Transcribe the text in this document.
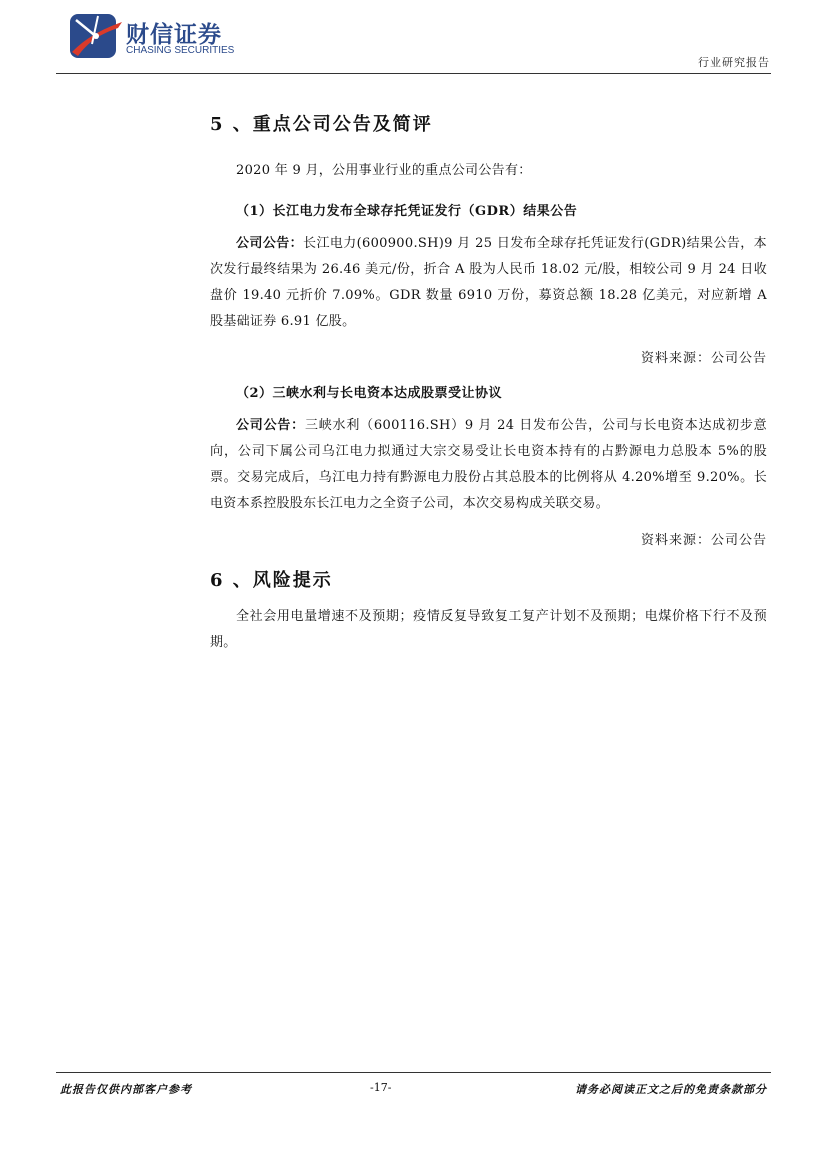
财信证券
CHASING SECURITIES
行业研究报告
5 、重点公司公告及简评

2020 年 9 月，公用事业行业的重点公司公告有：

（1）长江电力发布全球存托凭证发行（GDR）结果公告

公司公告：长江电力(600900.SH)9 月 25 日发布全球存托凭证发行(GDR)结果公告，本次发行最终结果为 26.46 美元/份，折合 A 股为人民币 18.02 元/股，相较公司 9 月 24 日收盘价 19.40 元折价 7.09%。GDR 数量 6910 万份，募资总额 18.28 亿美元，对应新增 A 股基础证券 6.91 亿股。

资料来源：公司公告

（2）三峡水利与长电资本达成股票受让协议

公司公告：三峡水利（600116.SH）9 月 24 日发布公告，公司与长电资本达成初步意向，公司下属公司乌江电力拟通过大宗交易受让长电资本持有的占黔源电力总股本 5%的股票。交易完成后，乌江电力持有黔源电力股份占其总股本的比例将从 4.20%增至 9.20%。长电资本系控股股东长江电力之全资子公司，本次交易构成关联交易。

资料来源：公司公告

6 、风险提示

全社会用电量增速不及预期；疫情反复导致复工复产计划不及预期；电煤价格下行不及预期。

此报告仅供内部客户参考	-17-	请务必阅读正文之后的免责条款部分
